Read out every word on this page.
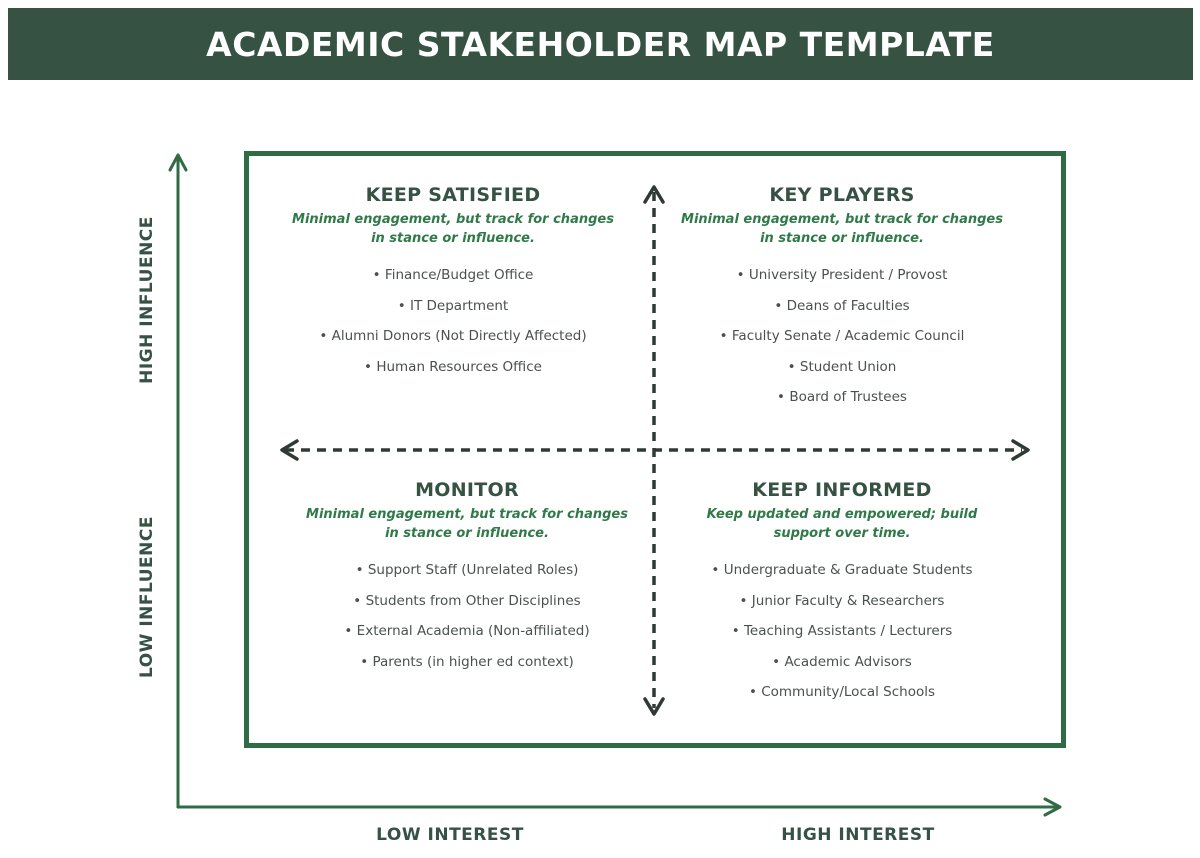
ACADEMIC STAKEHOLDER MAP TEMPLATE
HIGH INFLUENCE
LOW INFLUENCE
LOW INTEREST	HIGH INTEREST
KEEP SATISFIED
Minimal engagement, but track for changes in stance or influence.
• Finance/Budget Office
• IT Department
• Alumni Donors (Not Directly Affected)
• Human Resources Office
KEY PLAYERS
Minimal engagement, but track for changes in stance or influence.
• University President / Provost
• Deans of Faculties
• Faculty Senate / Academic Council
• Student Union
• Board of Trustees
MONITOR
Minimal engagement, but track for changes in stance or influence.
• Support Staff (Unrelated Roles)
• Students from Other Disciplines
• External Academia (Non-affiliated)
• Parents (in higher ed context)
KEEP INFORMED
Keep updated and empowered; build support over time.
• Undergraduate & Graduate Students
• Junior Faculty & Researchers
• Teaching Assistants / Lecturers
• Academic Advisors
• Community/Local Schools
